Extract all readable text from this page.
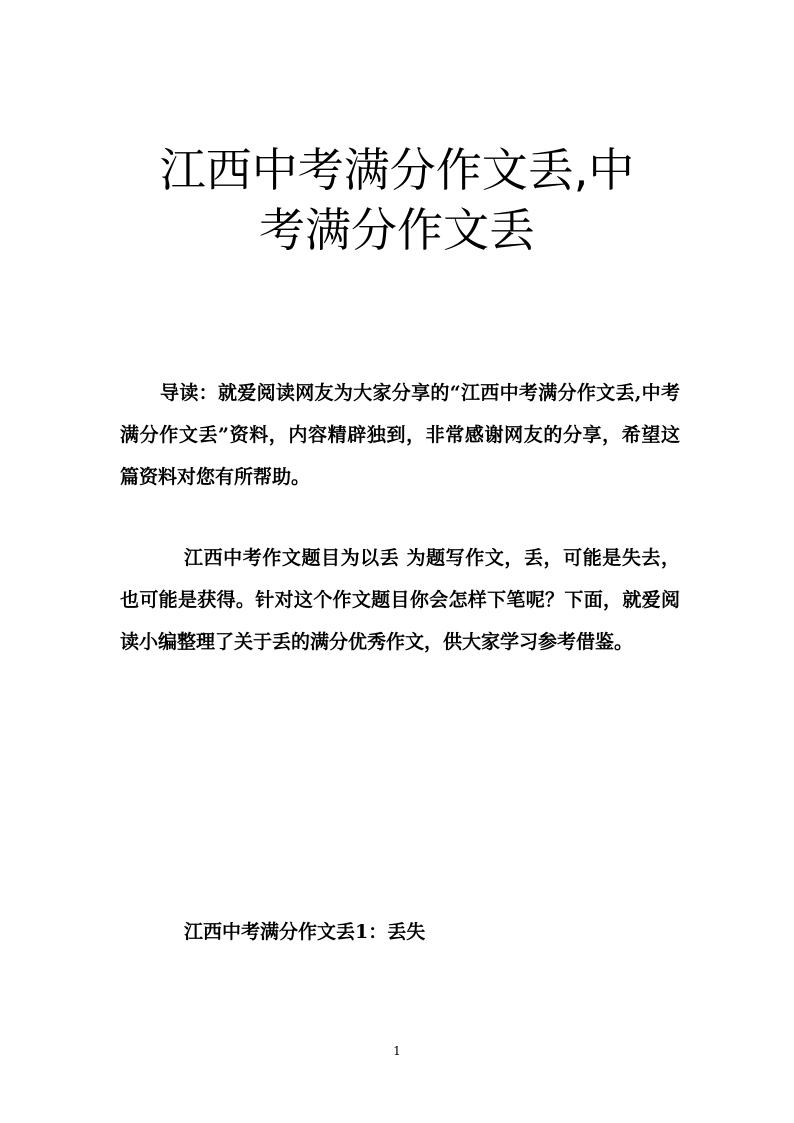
江西中考满分作文丢,中
考满分作文丢

导读：就爱阅读网友为大家分享的“江西中考满分作文丢,中考满分作文丢”资料，内容精辟独到，非常感谢网友的分享，希望这篇资料对您有所帮助。

江西中考作文题目为以丢 为题写作文，丢，可能是失去，也可能是获得。针对这个作文题目你会怎样下笔呢？下面，就爱阅读小编整理了关于丢的满分优秀作文，供大家学习参考借鉴。

江西中考满分作文丢1：丢失

1
